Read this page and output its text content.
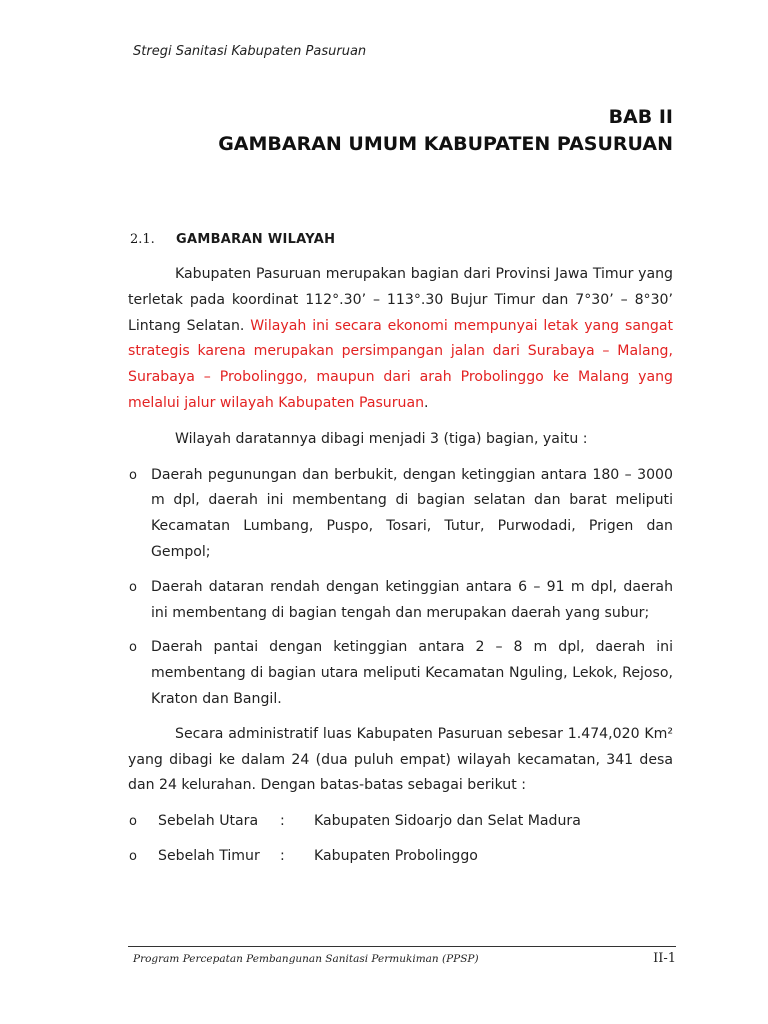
Stregi Sanitasi Kabupaten Pasuruan
BAB II
GAMBARAN UMUM KABUPATEN PASURUAN
2.1. GAMBARAN WILAYAH

Kabupaten Pasuruan merupakan bagian dari Provinsi Jawa Timur yang terletak pada koordinat 112°.30’ – 113°.30 Bujur Timur dan 7°30’ – 8°30’ Lintang Selatan. Wilayah ini secara ekonomi mempunyai letak yang sangat strategis karena merupakan persimpangan jalan dari Surabaya – Malang, Surabaya – Probolinggo, maupun dari arah Probolinggo ke Malang yang melalui jalur wilayah Kabupaten Pasuruan.

Wilayah daratannya dibagi menjadi 3 (tiga) bagian, yaitu :

o Daerah pegunungan dan berbukit, dengan ketinggian antara 180 – 3000 m dpl, daerah ini membentang di bagian selatan dan barat meliputi Kecamatan Lumbang, Puspo, Tosari, Tutur, Purwodadi, Prigen dan Gempol;
o Daerah dataran rendah dengan ketinggian antara 6 – 91 m dpl, daerah ini membentang di bagian tengah dan merupakan daerah yang subur;
o Daerah pantai dengan ketinggian antara 2 – 8 m dpl, daerah ini membentang di bagian utara meliputi Kecamatan Nguling, Lekok, Rejoso, Kraton dan Bangil.

Secara administratif luas Kabupaten Pasuruan sebesar 1.474,020 Km² yang dibagi ke dalam 24 (dua puluh empat) wilayah kecamatan, 341 desa dan 24 kelurahan. Dengan batas-batas sebagai berikut :

o Sebelah Utara : Kabupaten Sidoarjo dan Selat Madura
o Sebelah Timur : Kabupaten Probolinggo
Program Percepatan Pembangunan Sanitasi Permukiman (PPSP)	II-1
